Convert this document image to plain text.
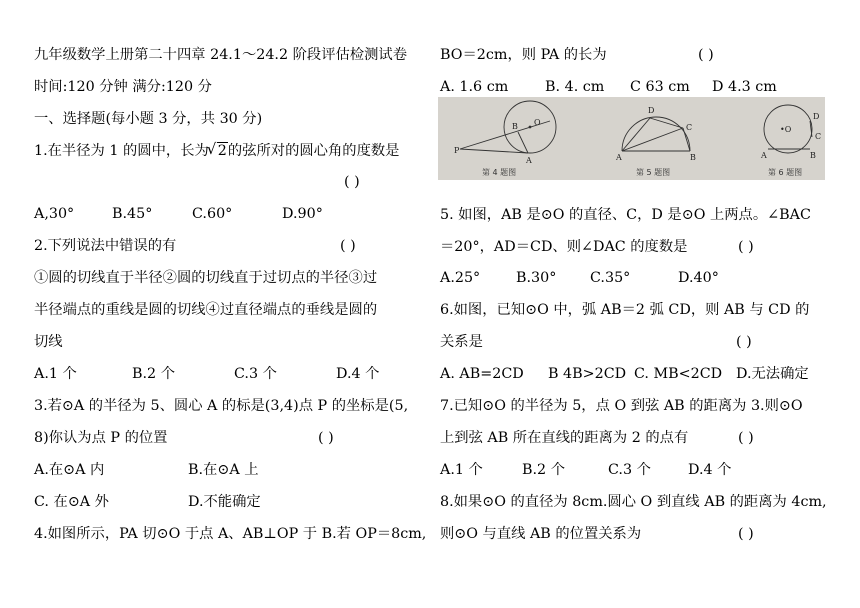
九年级数学上册第二十四章 24.1～24.2 阶段评估检测试卷
时间:120 分钟 满分:120 分
一、选择题(每小题 3 分，共 30 分)
1.在半径为 1 的圆中，长为√ 2的弦所对的圆心角的度数是
( )
A,30°	B.45°	C.60°	D.90°
2.下列说法中错误的有	( )
①圆的切线直于半径②圆的切线直于过切点的半径③过
半径端点的重线是圆的切线④过直径端点的垂线是圆的
切线
A.1 个	B.2 个	C.3 个	D.4 个
3.若⊙A 的半径为 5、圆心 A 的标是(3,4)点 P 的坐标是(5,
8)你认为点 P 的位置	( )
A.在⊙A 内	B.在⊙A 上
C. 在⊙A 外	D.不能确定
4.如图所示，PA 切⊙O 于点 A、AB⊥OP 于 B.若 OP＝8cm,
BO＝2cm，则 PA 的长为	( )
A. 1.6 cm	B. 4. cm C 63 cm D 4.3 cm
5. 如图，AB 是⊙O 的直径、C，D 是⊙O 上两点。∠BAC
＝20°，AD＝CD、则∠DAC 的度数是	( )
A.25°	B.30° C.35°	D.40°
6.如图，已知⊙O 中，弧 AB＝2 弧 CD，则 AB 与 CD 的
关系是	( )
A. AB=2CD B 4B>2CD C. MB<2CD D.无法确定
7.已知⊙O 的半径为 5，点 O 到弦 AB 的距离为 3.则⊙O
上到弦 AB 所在直线的距离为 2 的点有	( )
A.1 个	B.2 个	C.3 个	D.4 个
8.如果⊙O 的直径为 8cm.圆心 O 到直线 AB 的距离为 4cm,
则⊙O 与直线 AB 的位置关系为	( )
P
A
B O
第 4 题图
D
C
A	B
第 5 题图
•O
D
C
A	B
第 6 题图
